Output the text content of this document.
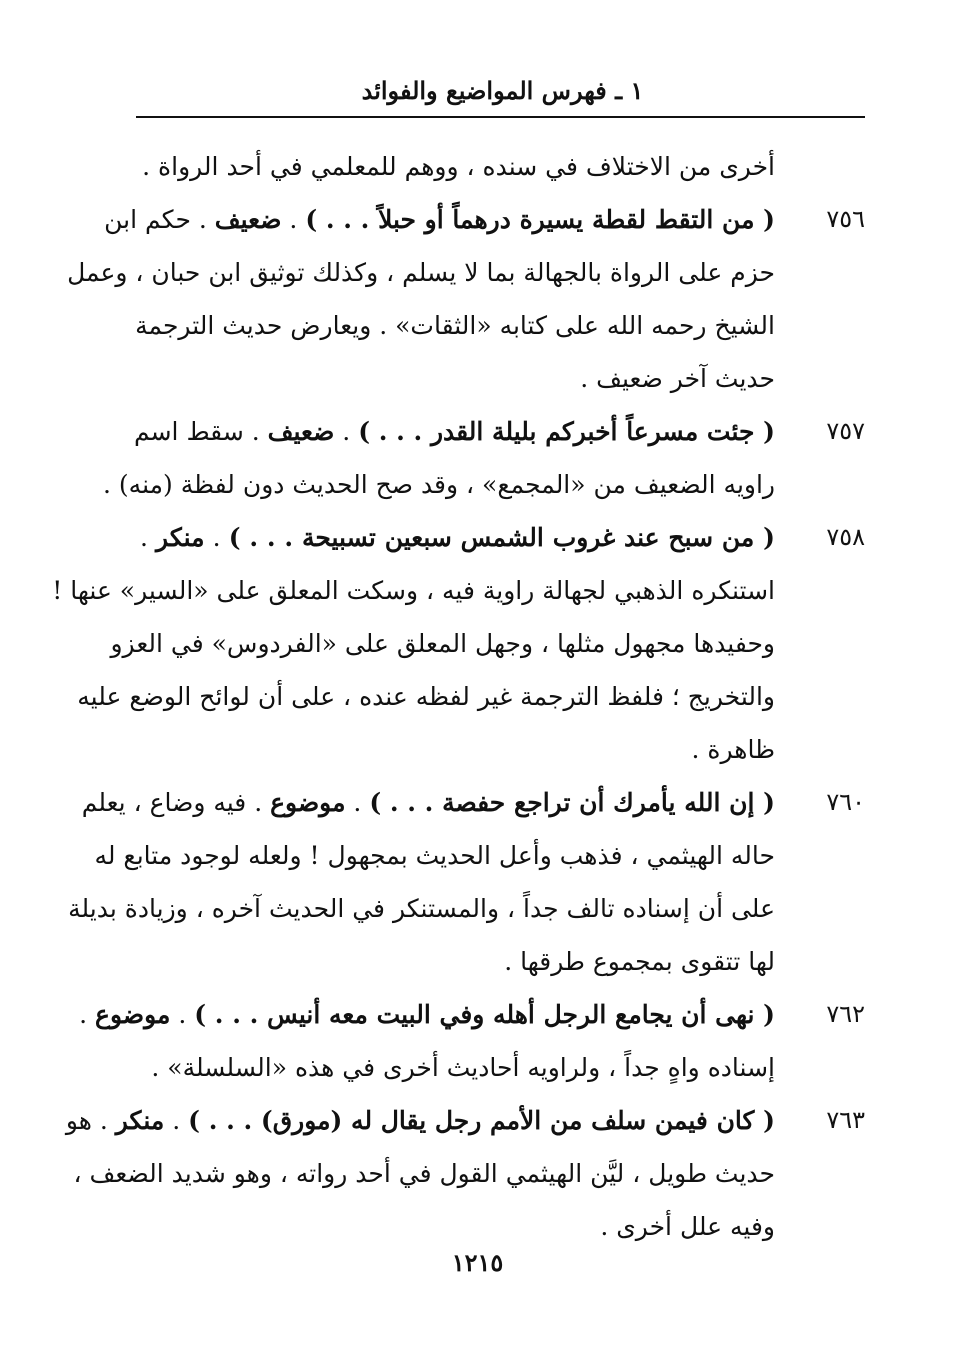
١ ـ فهرس المواضيع والفوائد
أخرى من الاختلاف في سنده ، ووهم للمعلمي في أحد الرواة .
٧٥٦
( من التقط لقطة يسيرة درهماً أو حبلاً . . . ) . ضعيف . حكم ابن
حزم على الرواة بالجهالة بما لا يسلم ، وكذلك توثيق ابن حبان ، وعمل
الشيخ رحمه الله على كتابه «الثقات» . ويعارض حديث الترجمة
حديث آخر ضعيف .
٧٥٧
( جئت مسرعاً أخبركم بليلة القدر . . . ) . ضعيف . سقط اسم
راويه الضعيف من «المجمع» ، وقد صح الحديث دون لفظة (منه) .
٧٥٨
( من سبح عند غروب الشمس سبعين تسبيحة . . . ) . منكر .
استنكره الذهبي لجهالة راوية فيه ، وسكت المعلق على «السير» عنها !
وحفيدها مجهول مثلها ، وجهل المعلق على «الفردوس» في العزو
والتخريج ؛ فلفظ الترجمة غير لفظه عنده ، على أن لوائح الوضع عليه
ظاهرة .
٧٦٠
( إن الله يأمرك أن تراجع حفصة . . . ) . موضوع . فيه وضاع ، يعلم
حاله الهيثمي ، فذهب وأعل الحديث بمجهول ! ولعله لوجود متابع له
على أن إسناده تالف جداً ، والمستنكر في الحديث آخره ، وزيادة بديلة
لها تتقوى بمجموع طرقها .
٧٦٢
( نهى أن يجامع الرجل أهله وفي البيت معه أنيس . . . ) . موضوع .
إسناده واهٍ جداً ، ولراويه أحاديث أخرى في هذه «السلسلة» .
٧٦٣
( كان فيمن سلف من الأمم رجل يقال له (مورق) . . . ) . منكر . هو
حديث طويل ، ليَّن الهيثمي القول في أحد رواته ، وهو شديد الضعف ،
وفيه علل أخرى .
١٢١٥
